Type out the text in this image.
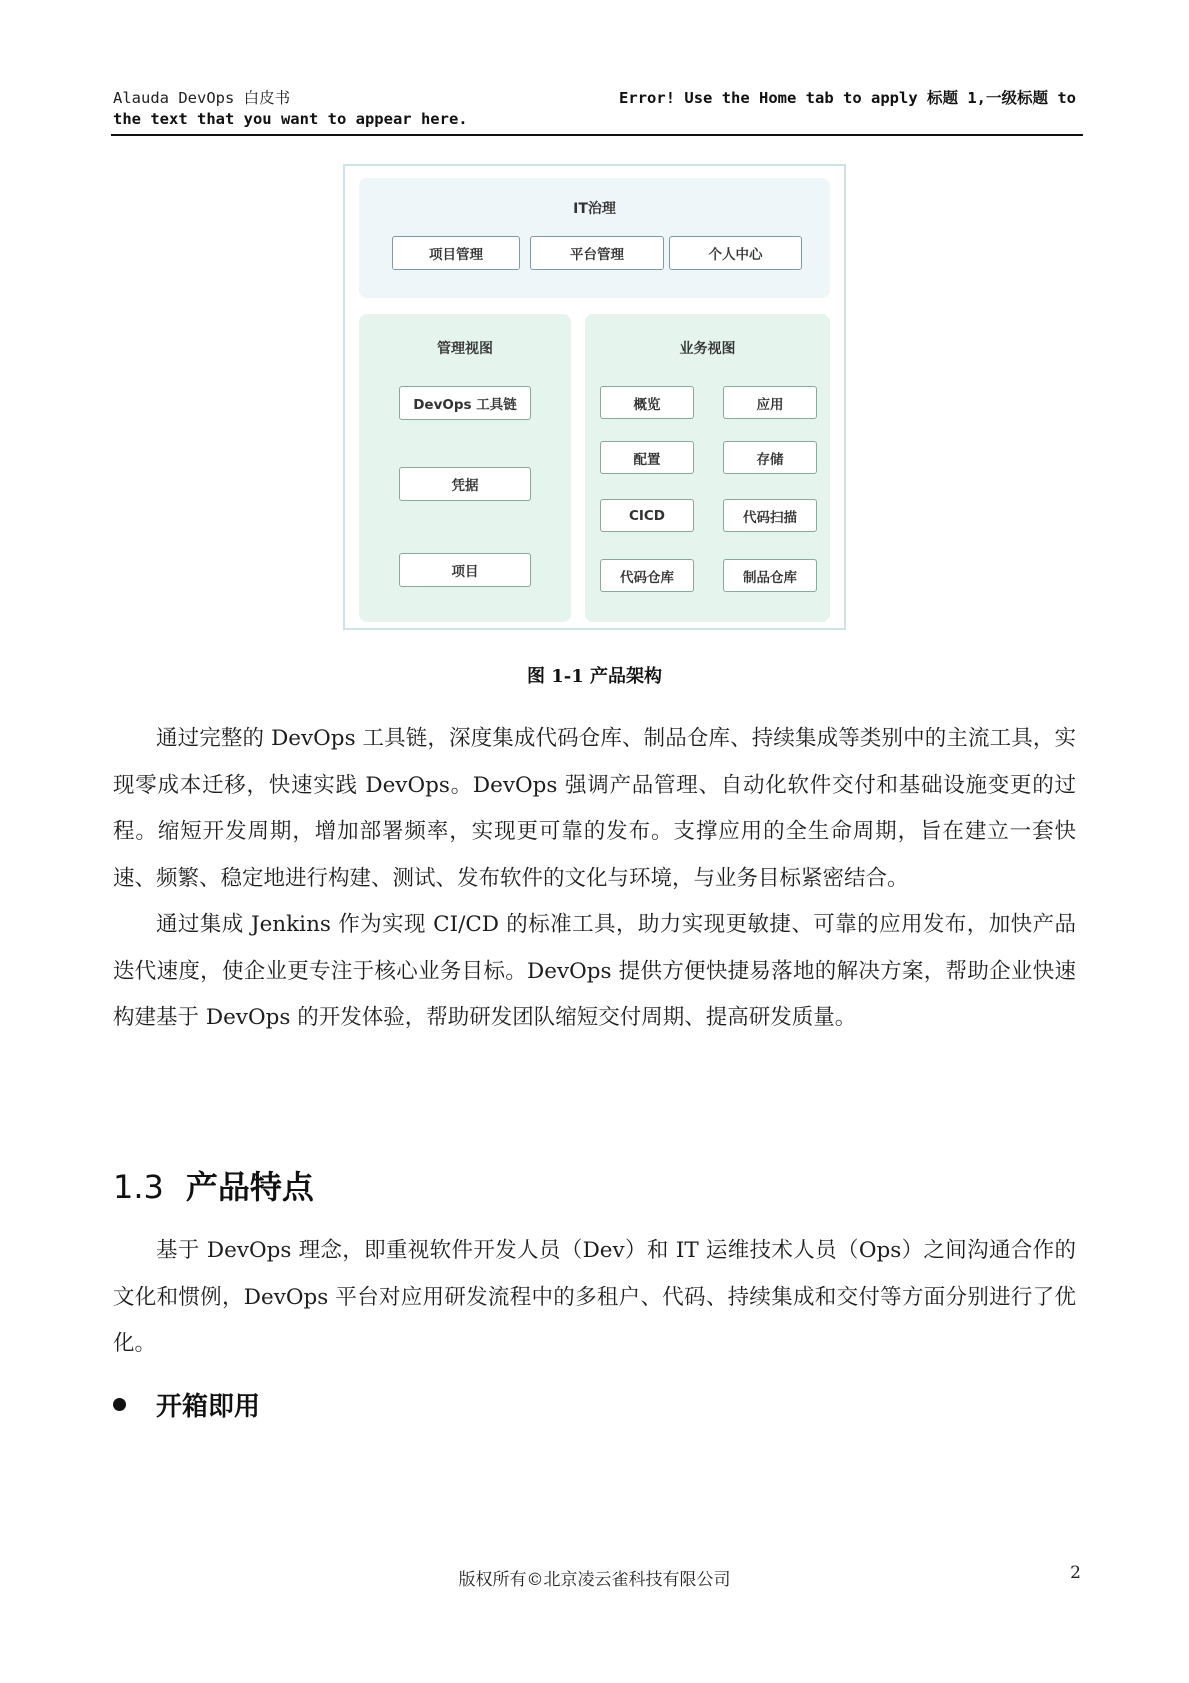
Alauda DevOps 白皮书	Error! Use the Home tab to apply 标题 1,一级标题 to
the text that you want to appear here.
IT治理
项目管理	平台管理	个人中心
管理视图
DevOps 工具链
凭据
项目
业务视图
概览	应用
配置	存储
CICD	代码扫描
代码仓库	制品仓库
图 1-1 产品架构

通过完整的 DevOps 工具链，深度集成代码仓库、制品仓库、持续集成等类别中的主流工具，实现零成本迁移，快速实践 DevOps。DevOps 强调产品管理、自动化软件交付和基础设施变更的过程。缩短开发周期，增加部署频率，实现更可靠的发布。支撑应用的全生命周期，旨在建立一套快速、频繁、稳定地进行构建、测试、发布软件的文化与环境，与业务目标紧密结合。

通过集成 Jenkins 作为实现 CI/CD 的标准工具，助力实现更敏捷、可靠的应用发布，加快产品迭代速度，使企业更专注于核心业务目标。DevOps 提供方便快捷易落地的解决方案，帮助企业快速构建基于 DevOps 的开发体验，帮助研发团队缩短交付周期、提高研发质量。

1.3 产品特点

基于 DevOps 理念，即重视软件开发人员（Dev）和 IT 运维技术人员（Ops）之间沟通合作的文化和惯例，DevOps 平台对应用研发流程中的多租户、代码、持续集成和交付等方面分别进行了优化。

开箱即用
版权所有©北京凌云雀科技有限公司	2
